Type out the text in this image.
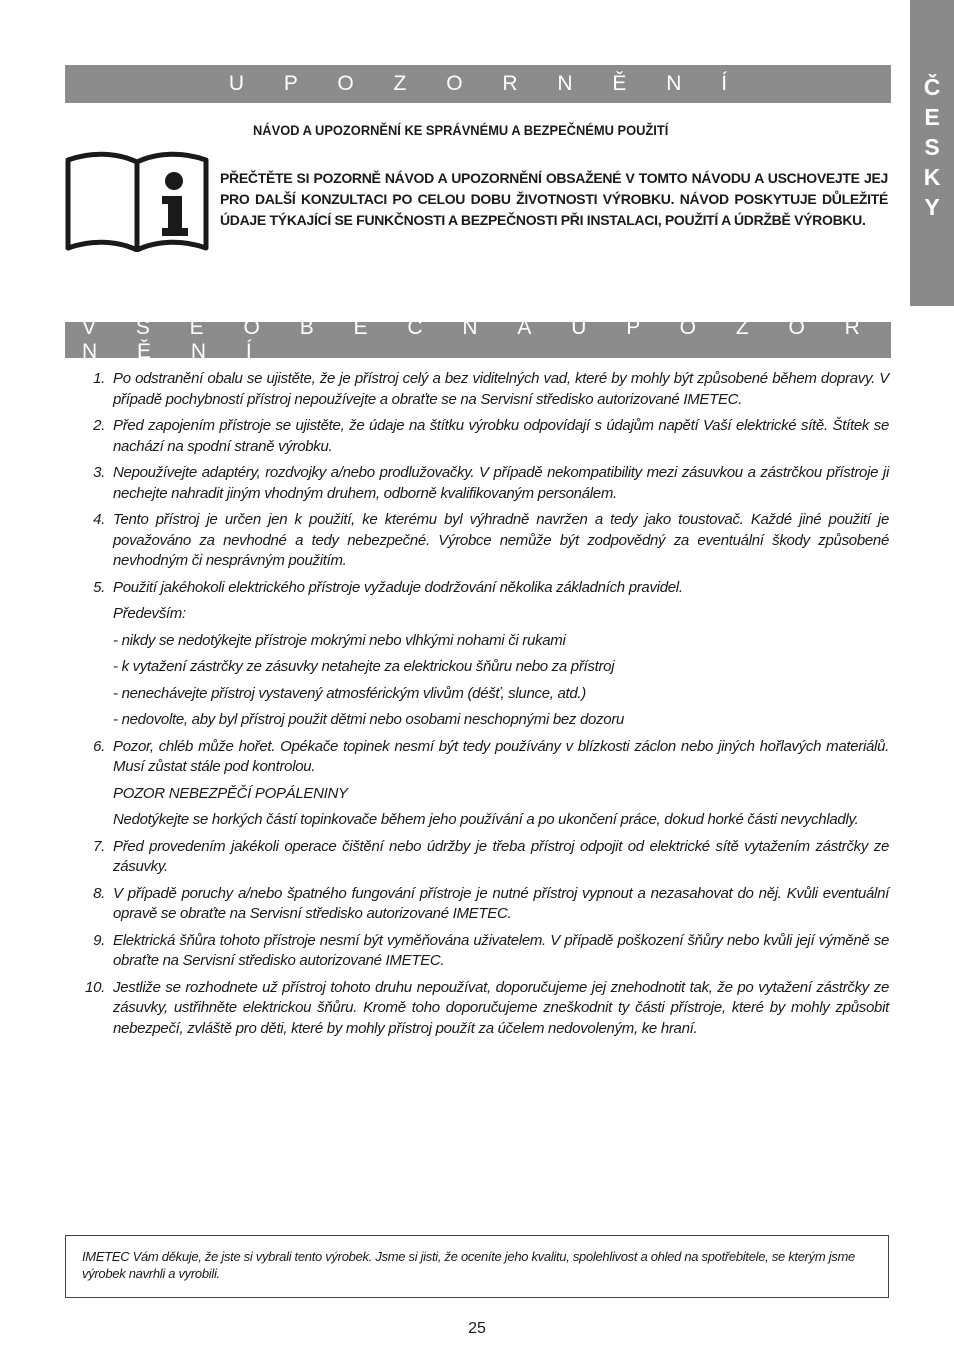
Č
E
S
K
Y
U P O Z O R N Ě N Í
NÁVOD A UPOZORNĚNÍ KE SPRÁVNÉMU A BEZPEČNÉMU POUŽITÍ
PŘEČTĚTE SI POZORNĚ NÁVOD A UPOZORNĚNÍ OBSAŽENÉ V TOMTO NÁVODU A USCHOVEJTE JEJ PRO DALŠÍ KONZULTACI PO CELOU DOBU ŽIVOTNOSTI VÝROBKU. NÁVOD POSKYTUJE DŮLEŽITÉ ÚDAJE TÝKAJÍCÍ SE FUNKČNOSTI A BEZPEČNOSTI PŘI INSTALACI, POUŽITÍ A ÚDRŽBĚ VÝROBKU.
V Š E O B E C N Á U P O Z O R N Ě N Í
1. Po odstranění obalu se ujistěte, že je přístroj celý a bez viditelných vad, které by mohly být způsobené během dopravy. V případě pochybností přístroj nepoužívejte a obraťte se na Servisní středisko autorizované IMETEC.

2. Před zapojením přístroje se ujistěte, že údaje na štítku výrobku odpovídají s údajům napětí Vaší elektrické sítě. Štítek se nachází na spodní straně výrobku.

3. Nepoužívejte adaptéry, rozdvojky a/nebo prodlužovačky. V případě nekompatibility mezi zásuvkou a zástrčkou přístroje ji nechejte nahradit jiným vhodným druhem, odborně kvalifikovaným personálem.

4. Tento přístroj je určen jen k použití, ke kterému byl výhradně navržen a tedy jako toustovač. Každé jiné použití je považováno za nevhodné a tedy nebezpečné. Výrobce nemůže být zodpovědný za eventuální škody způsobené nevhodným či nesprávným použitím.

5. Použití jakéhokoli elektrického přístroje vyžaduje dodržování několika základních pravidel.

Především:

- nikdy se nedotýkejte přístroje mokrými nebo vlhkými nohami či rukami

- k vytažení zástrčky ze zásuvky netahejte za elektrickou šňůru nebo za přístroj

- nenechávejte přístroj vystavený atmosférickým vlivům (déšť, slunce, atd.)

- nedovolte, aby byl přístroj použit dětmi nebo osobami neschopnými bez dozoru

6. Pozor, chléb může hořet. Opékače topinek nesmí být tedy používány v blízkosti záclon nebo jiných hořlavých materiálů. Musí zůstat stále pod kontrolou.

POZOR NEBEZPĚČÍ POPÁLENINY

Nedotýkejte se horkých částí topinkovače během jeho používání a po ukončení práce, dokud horké části nevychladly.

7. Před provedením jakékoli operace čištění nebo údržby je třeba přístroj odpojit od elektrické sítě vytažením zástrčky ze zásuvky.

8. V případě poruchy a/nebo špatného fungování přístroje je nutné přístroj vypnout a nezasahovat do něj. Kvůli eventuální opravě se obraťte na Servisní středisko autorizované IMETEC.

9. Elektrická šňůra tohoto přístroje nesmí být vyměňována uživatelem. V případě poškození šňůry nebo kvůli její výměně se obraťte na Servisní středisko autorizované IMETEC.

10. Jestliže se rozhodnete už přístroj tohoto druhu nepoužívat, doporučujeme jej znehodnotit tak, že po vytažení zástrčky ze zásuvky, ustřihněte elektrickou šňůru. Kromě toho doporučujeme zneškodnit ty části přístroje, které by mohly způsobit nebezpečí, zvláště pro děti, které by mohly přístroj použít za účelem nedovoleným, ke hraní.

IMETEC Vám děkuje, že jste si vybrali tento výrobek. Jsme si jisti, že oceníte jeho kvalitu, spolehlivost a ohled na spotřebitele, se kterým jsme výrobek navrhli a vyrobili.
25
